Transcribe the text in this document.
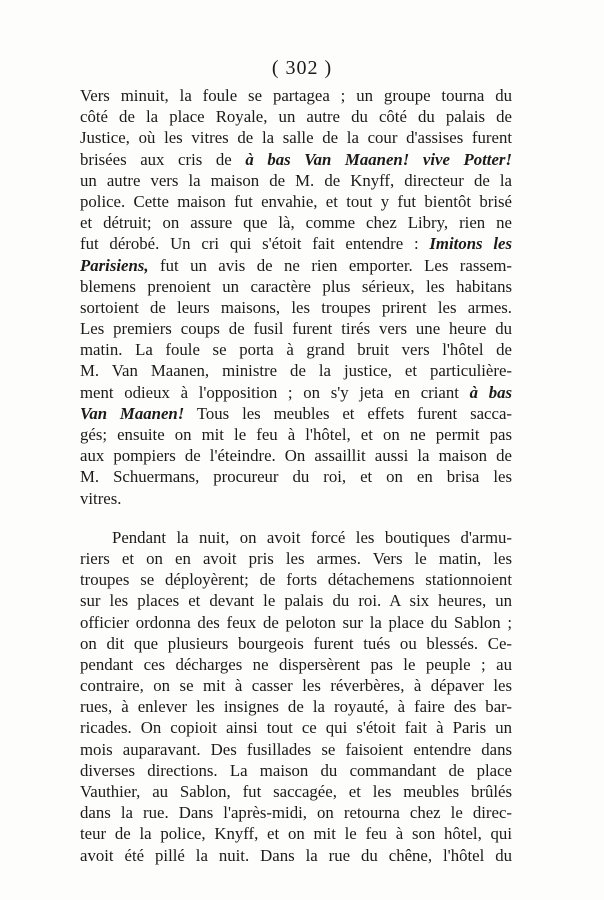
( 302 )
Vers minuit, la foule se partagea ; un groupe tourna du
côté de la place Royale, un autre du côté du palais de
Justice, où les vitres de la salle de la cour d'assises furent
brisées aux cris de à bas Van Maanen! vive Potter!
un autre vers la maison de M. de Knyff, directeur de la
police. Cette maison fut envahie, et tout y fut bientôt brisé
et détruit; on assure que là, comme chez Libry, rien ne
fut dérobé. Un cri qui s'étoit fait entendre : Imitons les
Parisiens, fut un avis de ne rien emporter. Les rassem-
blemens prenoient un caractère plus sérieux, les habitans
sortoient de leurs maisons, les troupes prirent les armes.
Les premiers coups de fusil furent tirés vers une heure du
matin. La foule se porta à grand bruit vers l'hôtel de
M. Van Maanen, ministre de la justice, et particulière-
ment odieux à l'opposition ; on s'y jeta en criant à bas
Van Maanen! Tous les meubles et effets furent sacca-
gés; ensuite on mit le feu à l'hôtel, et on ne permit pas
aux pompiers de l'éteindre. On assaillit aussi la maison de
M. Schuermans, procureur du roi, et on en brisa les
vitres.
Pendant la nuit, on avoit forcé les boutiques d'armu-
riers et on en avoit pris les armes. Vers le matin, les
troupes se déployèrent; de forts détachemens stationnoient
sur les places et devant le palais du roi. A six heures, un
officier ordonna des feux de peloton sur la place du Sablon ;
on dit que plusieurs bourgeois furent tués ou blessés. Ce-
pendant ces décharges ne dispersèrent pas le peuple ; au
contraire, on se mit à casser les réverbères, à dépaver les
rues, à enlever les insignes de la royauté, à faire des bar-
ricades. On copioit ainsi tout ce qui s'étoit fait à Paris un
mois auparavant. Des fusillades se faisoient entendre dans
diverses directions. La maison du commandant de place
Vauthier, au Sablon, fut saccagée, et les meubles brûlés
dans la rue. Dans l'après-midi, on retourna chez le direc-
teur de la police, Knyff, et on mit le feu à son hôtel, qui
avoit été pillé la nuit. Dans la rue du chêne, l'hôtel du
